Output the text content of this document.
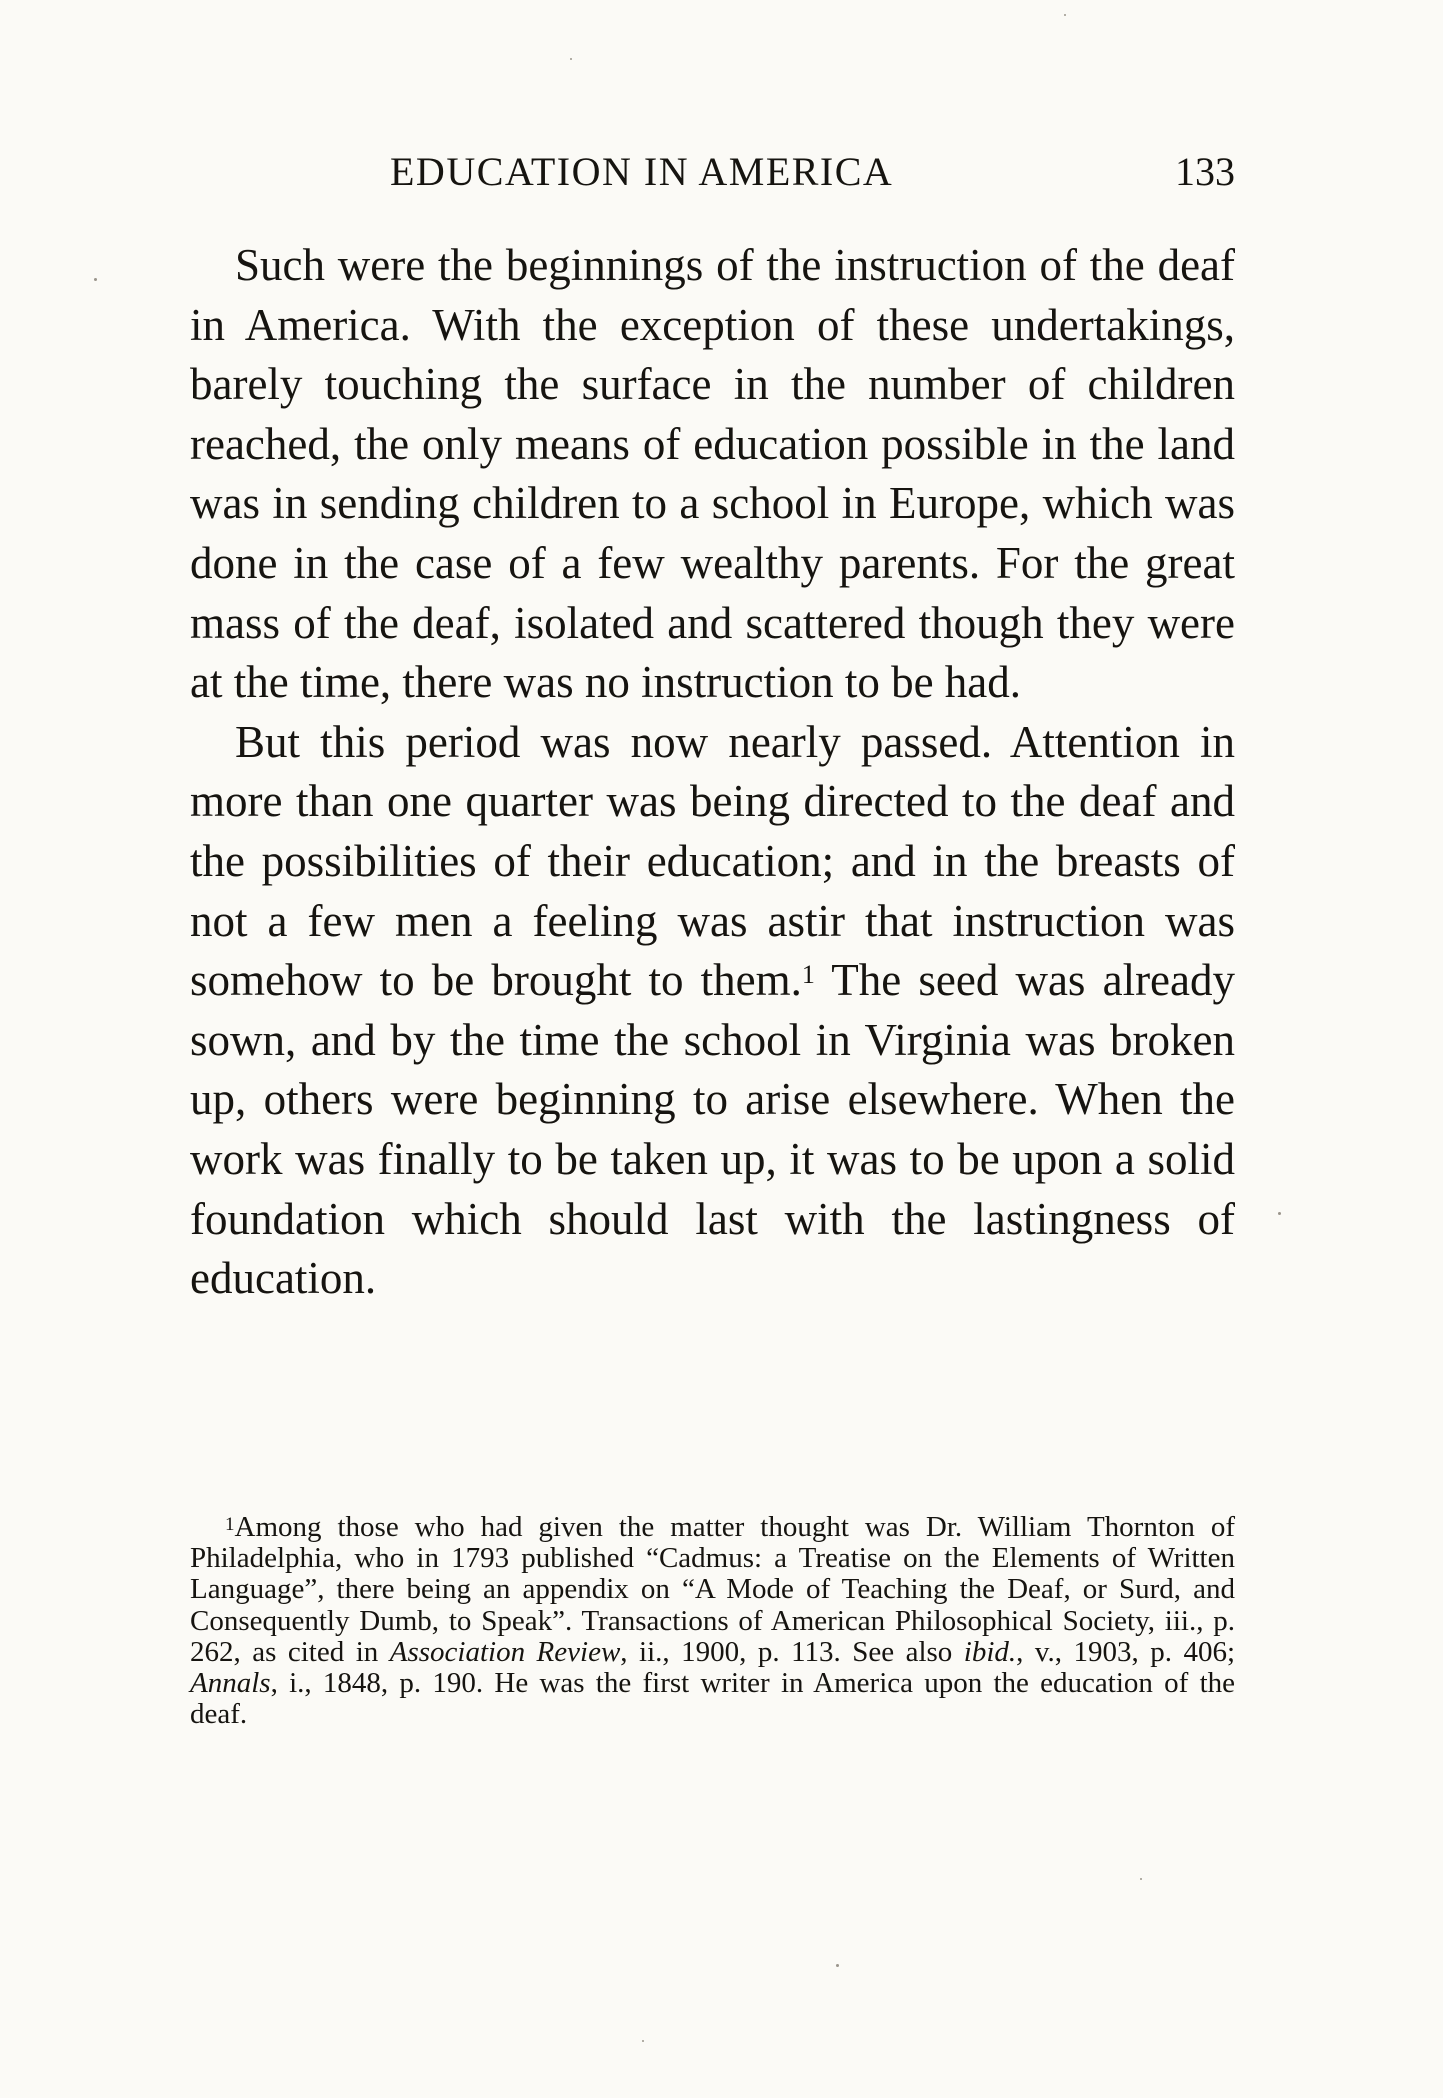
EDUCATION IN AMERICA	133

Such were the beginnings of the instruction of the deaf in America. With the exception of these undertakings, barely touching the surface in the number of children reached, the only means of education possible in the land was in sending children to a school in Europe, which was done in the case of a few wealthy parents. For the great mass of the deaf, isolated and scattered though they were at the time, there was no instruction to be had.

But this period was now nearly passed. Attention in more than one quarter was being directed to the deaf and the possibilities of their education; and in the breasts of not a few men a feeling was astir that instruction was somehow to be brought to them.$^1$ The seed was already sown, and by the time the school in Virginia was broken up, others were beginning to arise elsewhere. When the work was finally to be taken up, it was to be upon a solid foundation which should last with the lastingness of education.

$^1$Among those who had given the matter thought was Dr. William Thornton of Philadelphia, who in 1793 published “Cadmus: a Treatise on the Elements of Written Language”, there being an appendix on “A Mode of Teaching the Deaf, or Surd, and Consequently Dumb, to Speak”. Transactions of American Philosophical Society, iii., p. 262, as cited in Association Review, ii., 1900, p. 113. See also ibid., v., 1903, p. 406; Annals, i., 1848, p. 190. He was the first writer in America upon the education of the deaf.
